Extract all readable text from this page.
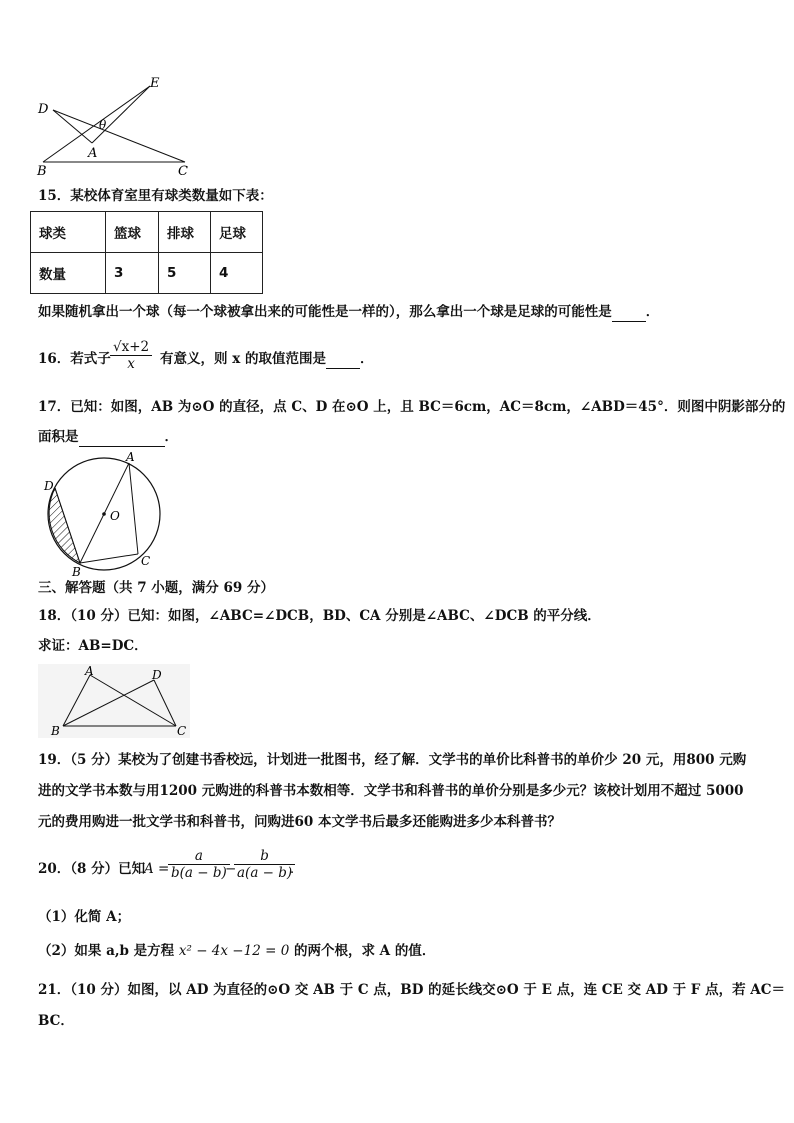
D
E
θ
A
B	C
15．某校体育室里有球类数量如下表：
球类	篮球	排球	足球
数量	3	5	4
如果随机拿出一个球（每一个球被拿出来的可能性是一样的），那么拿出一个球是足球的可能性是	．
16．若式子 $\frac{√x+2}{x}$ 有意义，则 x 的取值范围是	．
17．已知：如图，AB 为⊙O 的直径，点 C、D 在⊙O 上，且 BC＝6cm，AC＝8cm，∠ABD＝45°．则图中阴影部分的
面积是	．
A
D
O
B
C
三、解答题（共 7 小题，满分 69 分）
18．（10 分）已知：如图，∠ABC=∠DCB，BD、CA 分别是∠ABC、∠DCB 的平分线．
求证：AB=DC．
A	D
B	C
19．（5 分）某校为了创建书香校远，计划进一批图书，经了解．文学书的单价比科普书的单价少 20 元，用800 元购
进的文学书本数与用1200 元购进的科普书本数相等．文学书和科普书的单价分别是多少元？该校计划用不超过 5000
元的费用购进一批文学书和科普书，问购进60 本文学书后最多还能购进多少本科普书？
20．（8 分）已知
A =
$\frac{a}{b(a - b)}$
−
$\frac{b}{a(a - b)}$
．
（1）化简 A；
（2）如果 a,b 是方程 x² − 4x −12 = 0 的两个根，求 A 的值．
21．（10 分）如图，以 AD 为直径的⊙O 交 AB 于 C 点，BD 的延长线交⊙O 于 E 点，连 CE 交 AD 于 F 点，若 AC＝
BC．
